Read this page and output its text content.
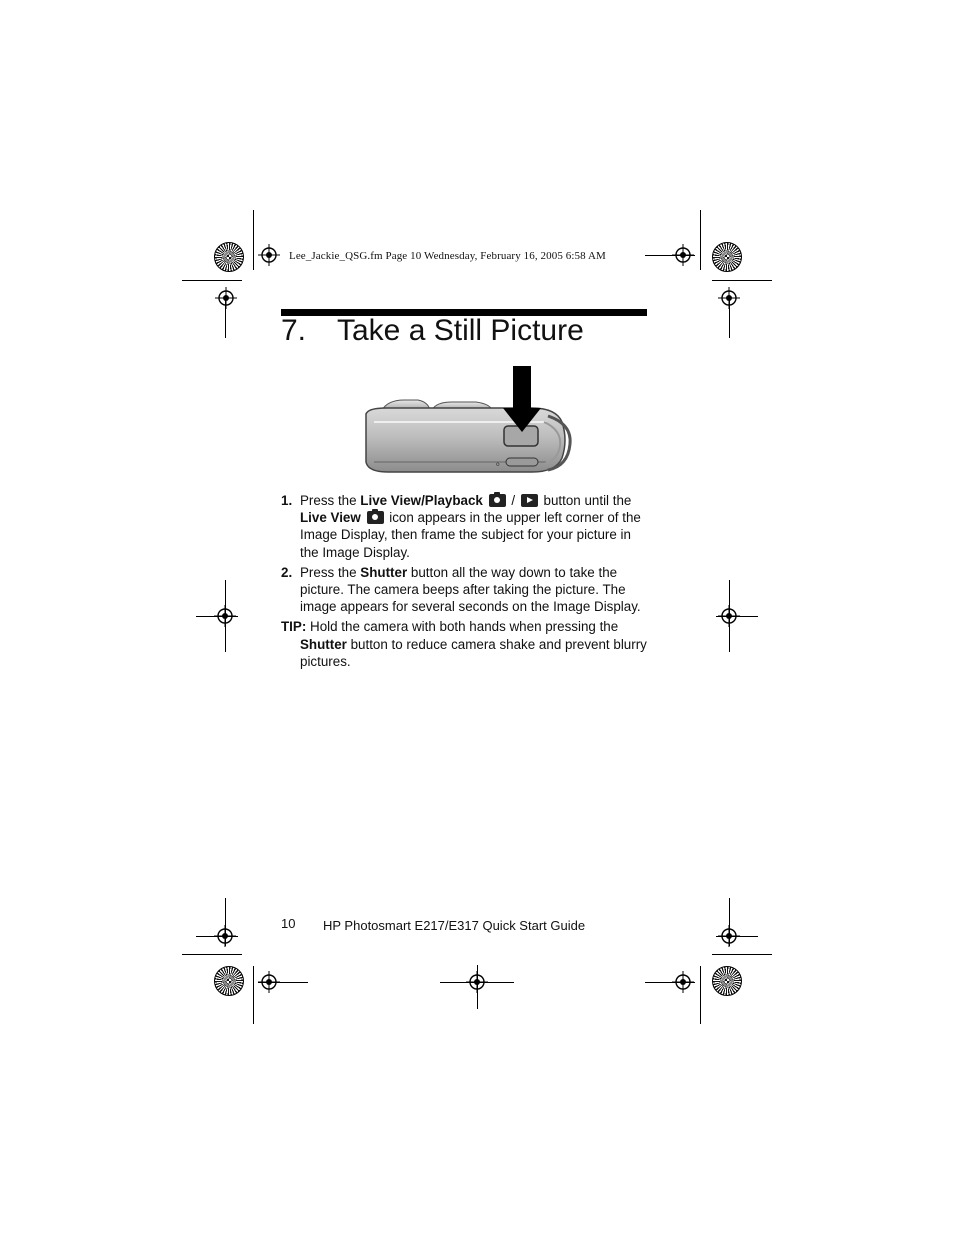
Lee_Jackie_QSG.fm Page 10 Wednesday, February 16, 2005 6:58 AM
7. Take a Still Picture
o
1. Press the Live View/Playback  /  button until the Live View  icon appears in the upper left corner of the Image Display, then frame the subject for your picture in the Image Display.
2. Press the Shutter button all the way down to take the picture. The camera beeps after taking the picture. The image appears for several seconds on the Image Display.
TIP: Hold the camera with both hands when pressing the Shutter button to reduce camera shake and prevent blurry pictures.
10 HP Photosmart E217/E317 Quick Start Guide
